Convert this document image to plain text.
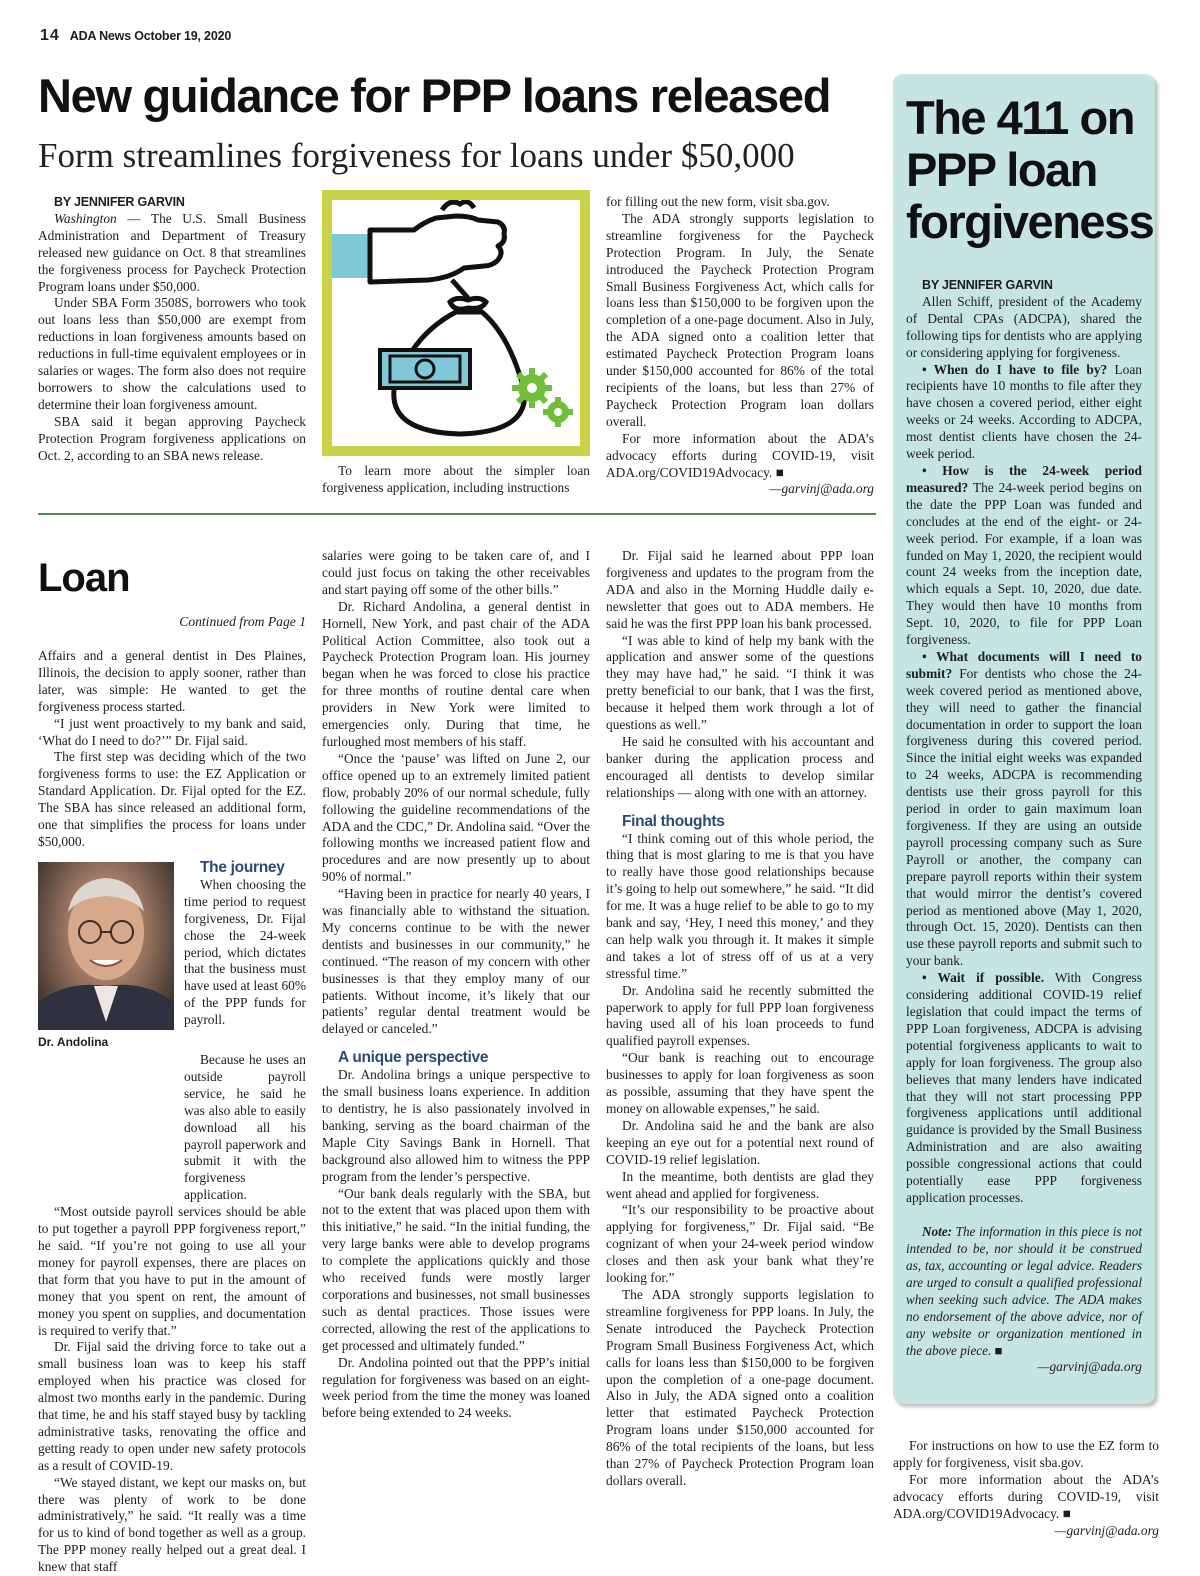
14 ADA News October 19, 2020
New guidance for PPP loans released
Form streamlines forgiveness for loans under $50,000

BY JENNIFER GARVIN

Washington — The U.S. Small Business Administration and Department of Treasury released new guidance on Oct. 8 that streamlines the forgiveness process for Paycheck Protection Program loans under $50,000.

Under SBA Form 3508S, borrowers who took out loans less than $50,000 are exempt from reductions in loan forgiveness amounts based on reductions in full-time equivalent employees or in salaries or wages. The form also does not require borrowers to show the calculations used to determine their loan forgiveness amount.

SBA said it began approving Paycheck Protection Program forgiveness applications on Oct. 2, according to an SBA news release.

To learn more about the simpler loan forgiveness application, including instructions

for filling out the new form, visit sba.gov.

The ADA strongly supports legislation to streamline forgiveness for the Paycheck Protection Program. In July, the Senate introduced the Paycheck Protection Program Small Business Forgiveness Act, which calls for loans less than $150,000 to be forgiven upon the completion of a one-page document. Also in July, the ADA signed onto a coalition letter that estimated Paycheck Protection Program loans under $150,000 accounted for 86% of the total recipients of the loans, but less than 27% of Paycheck Protection Program loan dollars overall.

For more information about the ADA’s advocacy efforts during COVID-19, visit ADA.org/COVID19Advocacy. ■

—garvinj@ada.org

Loan
Continued from Page 1

Affairs and a general dentist in Des Plaines, Illinois, the decision to apply sooner, rather than later, was simple: He wanted to get the forgiveness process started.

“I just went proactively to my bank and said, ‘What do I need to do?’” Dr. Fijal said.

The first step was deciding which of the two forgiveness forms to use: the EZ Application or Standard Application. Dr. Fijal opted for the EZ. The SBA has since released an additional form, one that simplifies the process for loans under $50,000.

Dr. Andolina

The journey

When choosing the time period to request forgiveness, Dr. Fijal chose the 24-week period, which dictates that the business must have used at least 60% of the PPP funds for payroll.

Because he uses an outside payroll service, he said he was also able to easily download all his payroll paperwork and submit it with the forgiveness application.

“Most outside payroll services should be able to put together a payroll PPP forgiveness report,” he said. “If you’re not going to use all your money for payroll expenses, there are places on that form that you have to put in the amount of money that you spent on rent, the amount of money you spent on supplies, and documentation is required to verify that.”

Dr. Fijal said the driving force to take out a small business loan was to keep his staff employed when his practice was closed for almost two months early in the pandemic. During that time, he and his staff stayed busy by tackling administrative tasks, renovating the office and getting ready to open under new safety protocols as a result of COVID-19.

“We stayed distant, we kept our masks on, but there was plenty of work to be done administratively,” he said. “It really was a time for us to kind of bond together as well as a group. The PPP money really helped out a great deal. I knew that staff

salaries were going to be taken care of, and I could just focus on taking the other receivables and start paying off some of the other bills.”

Dr. Richard Andolina, a general dentist in Hornell, New York, and past chair of the ADA Political Action Committee, also took out a Paycheck Protection Program loan. His journey began when he was forced to close his practice for three months of routine dental care when providers in New York were limited to emergencies only. During that time, he furloughed most members of his staff.

“Once the ‘pause’ was lifted on June 2, our office opened up to an extremely limited patient flow, probably 20% of our normal schedule, fully following the guideline recommendations of the ADA and the CDC,” Dr. Andolina said. “Over the following months we increased patient flow and procedures and are now presently up to about 90% of normal.”

“Having been in practice for nearly 40 years, I was financially able to withstand the situation. My concerns continue to be with the newer dentists and businesses in our community,” he continued. “The reason of my concern with other businesses is that they employ many of our patients. Without income, it’s likely that our patients’ regular dental treatment would be delayed or canceled.”

A unique perspective

Dr. Andolina brings a unique perspective to the small business loans experience. In addition to dentistry, he is also passionately involved in banking, serving as the board chairman of the Maple City Savings Bank in Hornell. That background also allowed him to witness the PPP program from the lender’s perspective.

“Our bank deals regularly with the SBA, but not to the extent that was placed upon them with this initiative,” he said. “In the initial funding, the very large banks were able to develop programs to complete the applications quickly and those who received funds were mostly larger corporations and businesses, not small businesses such as dental practices. Those issues were corrected, allowing the rest of the applications to get processed and ultimately funded.”

Dr. Andolina pointed out that the PPP’s initial regulation for forgiveness was based on an eight-week period from the time the money was loaned before being extended to 24 weeks.

Dr. Fijal said he learned about PPP loan forgiveness and updates to the program from the ADA and also in the Morning Huddle daily e-newsletter that goes out to ADA members. He said he was the first PPP loan his bank processed.

“I was able to kind of help my bank with the application and answer some of the questions they may have had,” he said. “I think it was pretty beneficial to our bank, that I was the first, because it helped them work through a lot of questions as well.”

He said he consulted with his accountant and banker during the application process and encouraged all dentists to develop similar relationships — along with one with an attorney.

Final thoughts

“I think coming out of this whole period, the thing that is most glaring to me is that you have to really have those good relationships because it’s going to help out somewhere,” he said. “It did for me. It was a huge relief to be able to go to my bank and say, ‘Hey, I need this money,’ and they can help walk you through it. It makes it simple and takes a lot of stress off of us at a very stressful time.”

Dr. Andolina said he recently submitted the paperwork to apply for full PPP loan forgiveness having used all of his loan proceeds to fund qualified payroll expenses.

“Our bank is reaching out to encourage businesses to apply for loan forgiveness as soon as possible, assuming that they have spent the money on allowable expenses,” he said.

Dr. Andolina said he and the bank are also keeping an eye out for a potential next round of COVID-19 relief legislation.

In the meantime, both dentists are glad they went ahead and applied for forgiveness.

“It’s our responsibility to be proactive about applying for forgiveness,” Dr. Fijal said. “Be cognizant of when your 24-week period window closes and then ask your bank what they’re looking for.”

The ADA strongly supports legislation to streamline forgiveness for PPP loans. In July, the Senate introduced the Paycheck Protection Program Small Business Forgiveness Act, which calls for loans less than $150,000 to be forgiven upon the completion of a one-page document. Also in July, the ADA signed onto a coalition letter that estimated Paycheck Protection Program loans under $150,000 accounted for 86% of the total recipients of the loans, but less than 27% of Paycheck Protection Program loan dollars overall.

The 411 on PPP loan forgiveness

BY JENNIFER GARVIN

Allen Schiff, president of the Academy of Dental CPAs (ADCPA), shared the following tips for dentists who are applying or considering applying for forgiveness.

• When do I have to file by? Loan recipients have 10 months to file after they have chosen a covered period, either eight weeks or 24 weeks. According to ADCPA, most dentist clients have chosen the 24-week period.

• How is the 24-week period measured? The 24-week period begins on the date the PPP Loan was funded and concludes at the end of the eight- or 24-week period. For example, if a loan was funded on May 1, 2020, the recipient would count 24 weeks from the inception date, which equals a Sept. 10, 2020, due date. They would then have 10 months from Sept. 10, 2020, to file for PPP Loan forgiveness.

• What documents will I need to submit? For dentists who chose the 24-week covered period as mentioned above, they will need to gather the financial documentation in order to support the loan forgiveness during this covered period. Since the initial eight weeks was expanded to 24 weeks, ADCPA is recommending dentists use their gross payroll for this period in order to gain maximum loan forgiveness. If they are using an outside payroll processing company such as Sure Payroll or another, the company can prepare payroll reports within their system that would mirror the dentist’s covered period as mentioned above (May 1, 2020, through Oct. 15, 2020). Dentists can then use these payroll reports and submit such to your bank.

• Wait if possible. With Congress considering additional COVID-19 relief legislation that could impact the terms of PPP Loan forgiveness, ADCPA is advising potential forgiveness applicants to wait to apply for loan forgiveness. The group also believes that many lenders have indicated that they will not start processing PPP forgiveness applications until additional guidance is provided by the Small Business Administration and are also awaiting possible congressional actions that could potentially ease PPP forgiveness application processes.

Note: The information in this piece is not intended to be, nor should it be construed as, tax, accounting or legal advice. Readers are urged to consult a qualified professional when seeking such advice. The ADA makes no endorsement of the above advice, nor of any website or organization mentioned in the above piece. ■

—garvinj@ada.org

For instructions on how to use the EZ form to apply for forgiveness, visit sba.gov.

For more information about the ADA’s advocacy efforts during COVID-19, visit ADA.org/COVID19Advocacy. ■

—garvinj@ada.org
